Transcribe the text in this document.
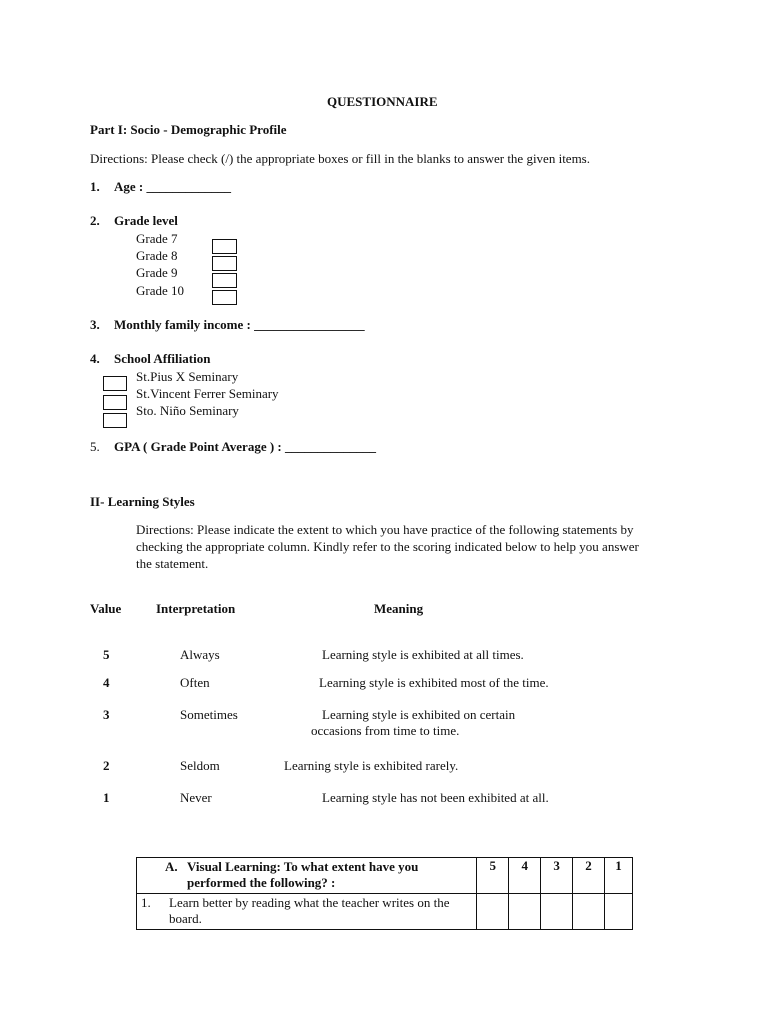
QUESTIONNAIRE
Part I: Socio - Demographic Profile
Directions: Please check (/) the appropriate boxes or fill in the blanks to answer the given items.
1. Age : _____________
2. Grade level
Grade 7
Grade 8
Grade 9
Grade 10
3. Monthly family income : _________________
4. School Affiliation
St.Pius X Seminary
St.Vincent Ferrer Seminary
Sto. Niño Seminary
5. GPA ( Grade Point Average ) : ______________
II- Learning Styles
Directions: Please indicate the extent to which you have practice of the following statements by
checking the appropriate column. Kindly refer to the scoring indicated below to help you answer
the statement.
Value	Interpretation	Meaning
5	Always	Learning style is exhibited at all times.
4	Often	Learning style is exhibited most of the time.
3	Sometimes	Learning style is exhibited on certain
occasions from time to time.
2	Seldom	Learning style is exhibited rarely.
1	Never	Learning style has not been exhibited at all.
A. Visual Learning: To what extent have you performed the following? :	5	4	3	2	1

1. Learn better by reading what the teacher writes on the board.					
